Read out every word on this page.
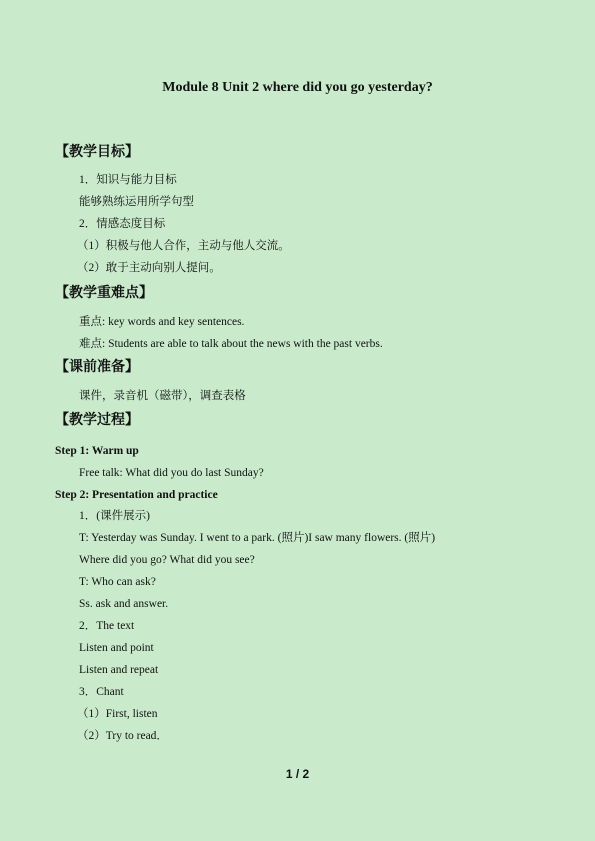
Module 8 Unit 2 where did you go yesterday?
【教学目标】
1．知识与能力目标
能够熟练运用所学句型
2．情感态度目标
（1）积极与他人合作，主动与他人交流。
（2）敢于主动向别人提问。
【教学重难点】
重点: key words and key sentences.
难点: Students are able to talk about the news with the past verbs.
【课前准备】
课件，录音机（磁带），调查表格
【教学过程】
Step 1: Warm up
Free talk: What did you do last Sunday?
Step 2: Presentation and practice
1．(课件展示)
T: Yesterday was Sunday. I went to a park. (照片)I saw many flowers. (照片)
Where did you go? What did you see?
T: Who can ask?
Ss. ask and answer.
2．The text
Listen and point
Listen and repeat
3．Chant
（1）First, listen
（2）Try to read．
1 / 2
